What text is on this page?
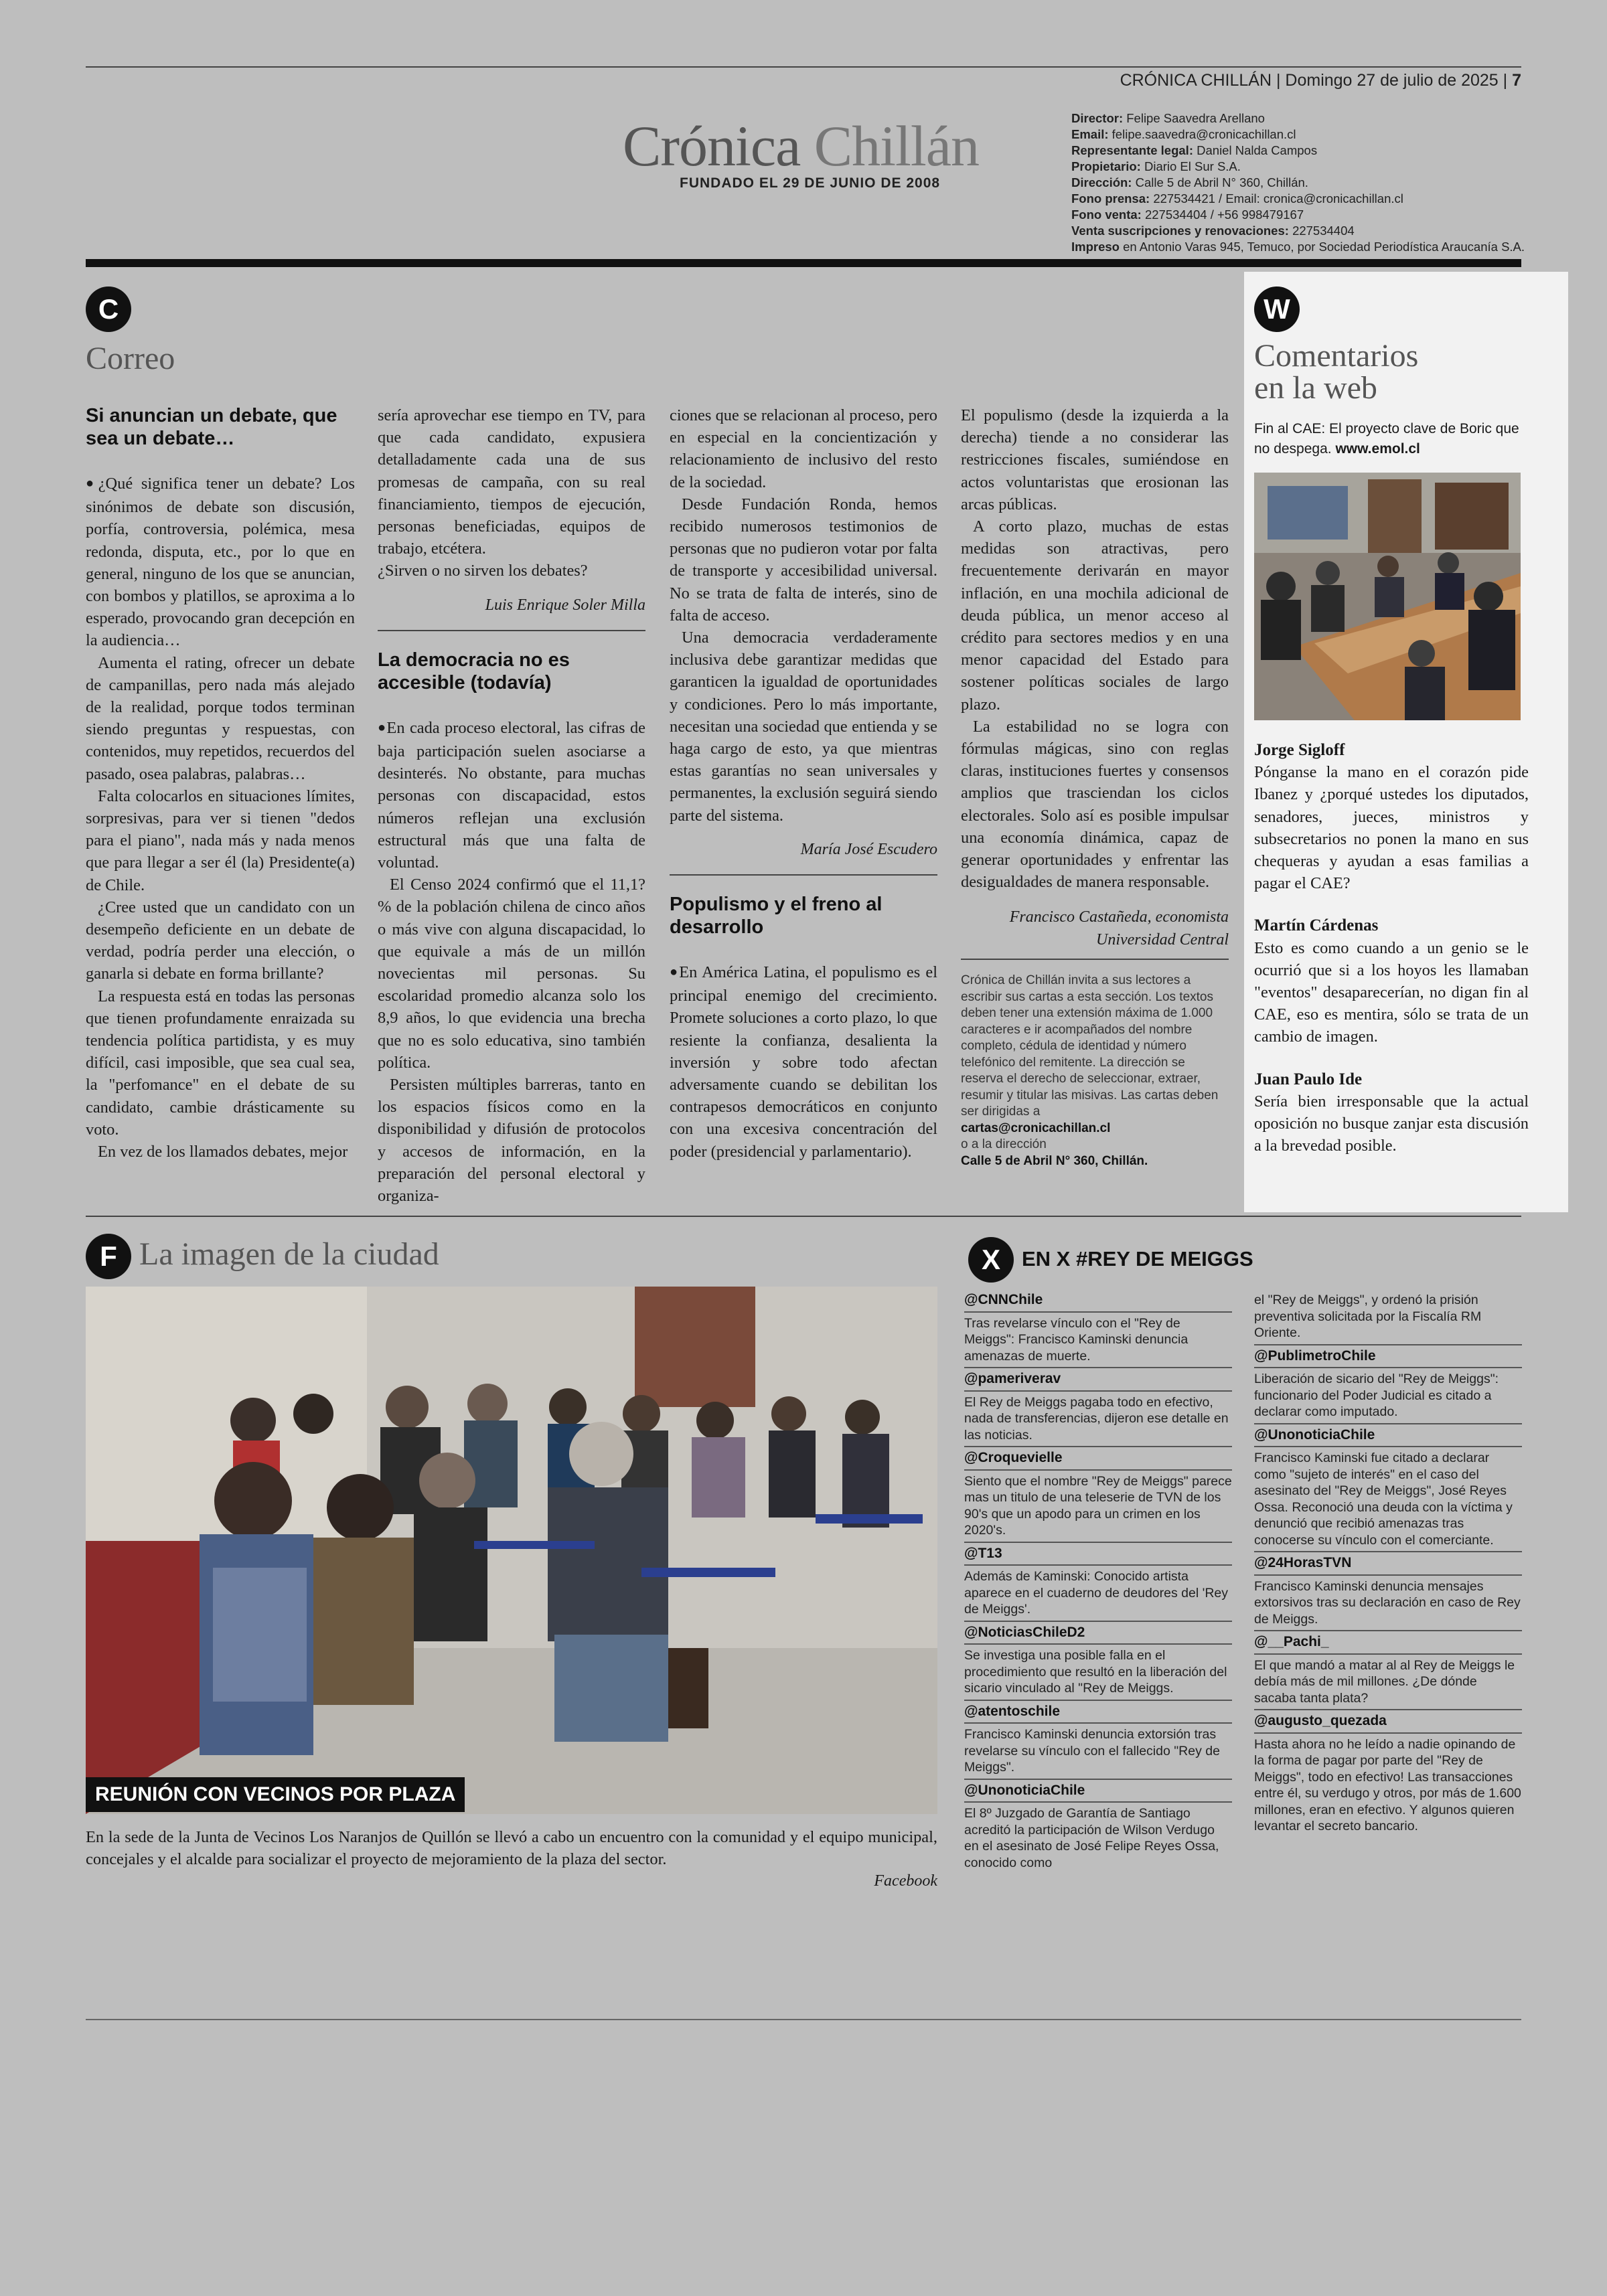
CRÓNICA CHILLÁN | Domingo 27 de julio de 2025 | 7
Crónica Chillán
FUNDADO EL 29 DE JUNIO DE 2008
Director: Felipe Saavedra Arellano
Email: felipe.saavedra@cronicachillan.cl
Representante legal: Daniel Nalda Campos
Propietario: Diario El Sur S.A.
Dirección: Calle 5 de Abril N° 360, Chillán.
Fono prensa: 227534421 / Email: cronica@cronicachillan.cl
Fono venta: 227534404 / +56 998479167
Venta suscripciones y renovaciones: 227534404
Impreso en Antonio Varas 945, Temuco, por Sociedad Periodística Araucanía S.A.
C
Correo
Si anuncian un debate, que sea un debate…

●¿Qué significa tener un debate? Los sinónimos de debate son discusión, porfía, controversia, polémica, mesa redonda, disputa, etc., por lo que en general, ninguno de los que se anuncian, con bombos y platillos, se aproxima a lo esperado, provocando gran decepción en la audiencia…

Aumenta el rating, ofrecer un debate de campanillas, pero nada más alejado de la realidad, porque todos terminan siendo preguntas y respuestas, con contenidos, muy repetidos, recuerdos del pasado, osea palabras, palabras…

Falta colocarlos en situaciones límites, sorpresivas, para ver si tienen "dedos para el piano", nada más y nada menos que para llegar a ser él (la) Presidente(a) de Chile.

¿Cree usted que un candidato con un desempeño deficiente en un debate de verdad, podría perder una elección, o ganarla si debate en forma brillante?

La respuesta está en todas las personas que tienen profundamente enraizada su tendencia política partidista, y es muy difícil, casi imposible, que sea cual sea, la "perfomance" en el debate de su candidato, cambie drásticamente su voto.

En vez de los llamados debates, mejor

sería aprovechar ese tiempo en TV, para que cada candidato, expusiera detalladamente cada una de sus promesas de campaña, con su real financiamiento, tiempos de ejecución, personas beneficiadas, equipos de trabajo, etcétera.

¿Sirven o no sirven los debates?

Luis Enrique Soler Milla

La democracia no es accesible (todavía)

●En cada proceso electoral, las cifras de baja participación suelen asociarse a desinterés. No obstante, para muchas personas con discapacidad, estos números reflejan una exclusión estructural más que una falta de voluntad.

El Censo 2024 confirmó que el 11,1?% de la población chilena de cinco años o más vive con alguna discapacidad, lo que equivale a más de un millón novecientas mil personas. Su escolaridad promedio alcanza solo los 8,9 años, lo que evidencia una brecha que no es solo educativa, sino también política.

Persisten múltiples barreras, tanto en los espacios físicos como en la disponibilidad y difusión de protocolos y accesos de información, en la preparación del personal electoral y organiza-

ciones que se relacionan al proceso, pero en especial en la concientización y relacionamiento de inclusivo del resto de la sociedad.

Desde Fundación Ronda, hemos recibido numerosos testimonios de personas que no pudieron votar por falta de transporte y accesibilidad universal. No se trata de falta de interés, sino de falta de acceso.

Una democracia verdaderamente inclusiva debe garantizar medidas que garanticen la igualdad de oportunidades y condiciones. Pero lo más importante, necesitan una sociedad que entienda y se haga cargo de esto, ya que mientras estas garantías no sean universales y permanentes, la exclusión seguirá siendo parte del sistema.

María José Escudero

Populismo y el freno al desarrollo

●En América Latina, el populismo es el principal enemigo del crecimiento. Promete soluciones a corto plazo, lo que resiente la confianza, desalienta la inversión y sobre todo afectan adversamente cuando se debilitan los contrapesos democráticos en conjunto con una excesiva concentración del poder (presidencial y parlamentario).

El populismo (desde la izquierda a la derecha) tiende a no considerar las restricciones fiscales, sumiéndose en actos voluntaristas que erosionan las arcas públicas.

A corto plazo, muchas de estas medidas son atractivas, pero frecuentemente derivarán en mayor inflación, en una mochila adicional de deuda pública, un menor acceso al crédito para sectores medios y en una menor capacidad del Estado para sostener políticas sociales de largo plazo.

La estabilidad no se logra con fórmulas mágicas, sino con reglas claras, instituciones fuertes y consensos amplios que trasciendan los ciclos electorales. Solo así es posible impulsar una economía dinámica, capaz de generar oportunidades y enfrentar las desigualdades de manera responsable.

Francisco Castañeda, economista

Universidad Central

Crónica de Chillán invita a sus lectores a escribir sus cartas a esta sección. Los textos deben tener una extensión máxima de 1.000 caracteres e ir acompañados del nombre completo, cédula de identidad y número telefónico del remitente. La dirección se reserva el derecho de seleccionar, extraer, resumir y titular las misivas. Las cartas deben ser dirigidas a
cartas@cronicachillan.cl
o a la dirección
Calle 5 de Abril N° 360, Chillán.
W
Comentarios
en la web
Fin al CAE: El proyecto clave de Boric que no despega. www.emol.cl
Jorge Sigloff
Pónganse la mano en el corazón pide Ibanez y ¿porqué ustedes los diputados, senadores, jueces, ministros y subsecretarios no ponen la mano en sus chequeras y ayudan a esas familias a pagar el CAE?
Martín Cárdenas
Esto es como cuando a un genio se le ocurrió que si a los hoyos les llamaban "eventos" desaparecerían, no digan fin al CAE, eso es mentira, sólo se trata de un cambio de imagen.
Juan Paulo Ide
Sería bien irresponsable que la actual oposición no busque zanjar esta discusión a la brevedad posible.
F La imagen de la ciudad
REUNIÓN CON VECINOS POR PLAZA
En la sede de la Junta de Vecinos Los Naranjos de Quillón se llevó a cabo un encuentro con la comunidad y el equipo municipal, concejales y el alcalde para socializar el proyecto de mejoramiento de la plaza del sector.
Facebook
X	EN X #REY DE MEIGGS
@CNNChile
Tras revelarse vínculo con el "Rey de Meiggs": Francisco Kaminski denuncia amenazas de muerte.
@pameriverav
El Rey de Meiggs pagaba todo en efectivo, nada de transferencias, dijeron ese detalle en las noticias.
@Croquevielle
Siento que el nombre "Rey de Meiggs" parece mas un titulo de una teleserie de TVN de los 90's que un apodo para un crimen en los 2020's.
@T13
Además de Kaminski: Conocido artista aparece en el cuaderno de deudores del 'Rey de Meiggs'.
@NoticiasChileD2
Se investiga una posible falla en el procedimiento que resultó en la liberación del sicario vinculado al "Rey de Meiggs.
@atentoschile
Francisco Kaminski denuncia extorsión tras revelarse su vínculo con el fallecido "Rey de Meiggs".
@UnonoticiaChile
El 8º Juzgado de Garantía de Santiago acreditó la participación de Wilson Verdugo en el asesinato de José Felipe Reyes Ossa, conocido como
el "Rey de Meiggs", y ordenó la prisión preventiva solicitada por la Fiscalía RM Oriente.
@PublimetroChile
Liberación de sicario del "Rey de Meiggs": funcionario del Poder Judicial es citado a declarar como imputado.
@UnonoticiaChile
Francisco Kaminski fue citado a declarar como "sujeto de interés" en el caso del asesinato del "Rey de Meiggs", José Reyes Ossa. Reconoció una deuda con la víctima y denunció que recibió amenazas tras conocerse su vínculo con el comerciante.
@24HorasTVN
Francisco Kaminski denuncia mensajes extorsivos tras su declaración en caso de Rey de Meiggs.
@__Pachi_
El que mandó a matar al al Rey de Meiggs le debía más de mil millones. ¿De dónde sacaba tanta plata?
@augusto_quezada
Hasta ahora no he leído a nadie opinando de la forma de pagar por parte del "Rey de Meiggs", todo en efectivo! Las transacciones entre él, su verdugo y otros, por más de 1.600 millones, eran en efectivo. Y algunos quieren levantar el secreto bancario.
